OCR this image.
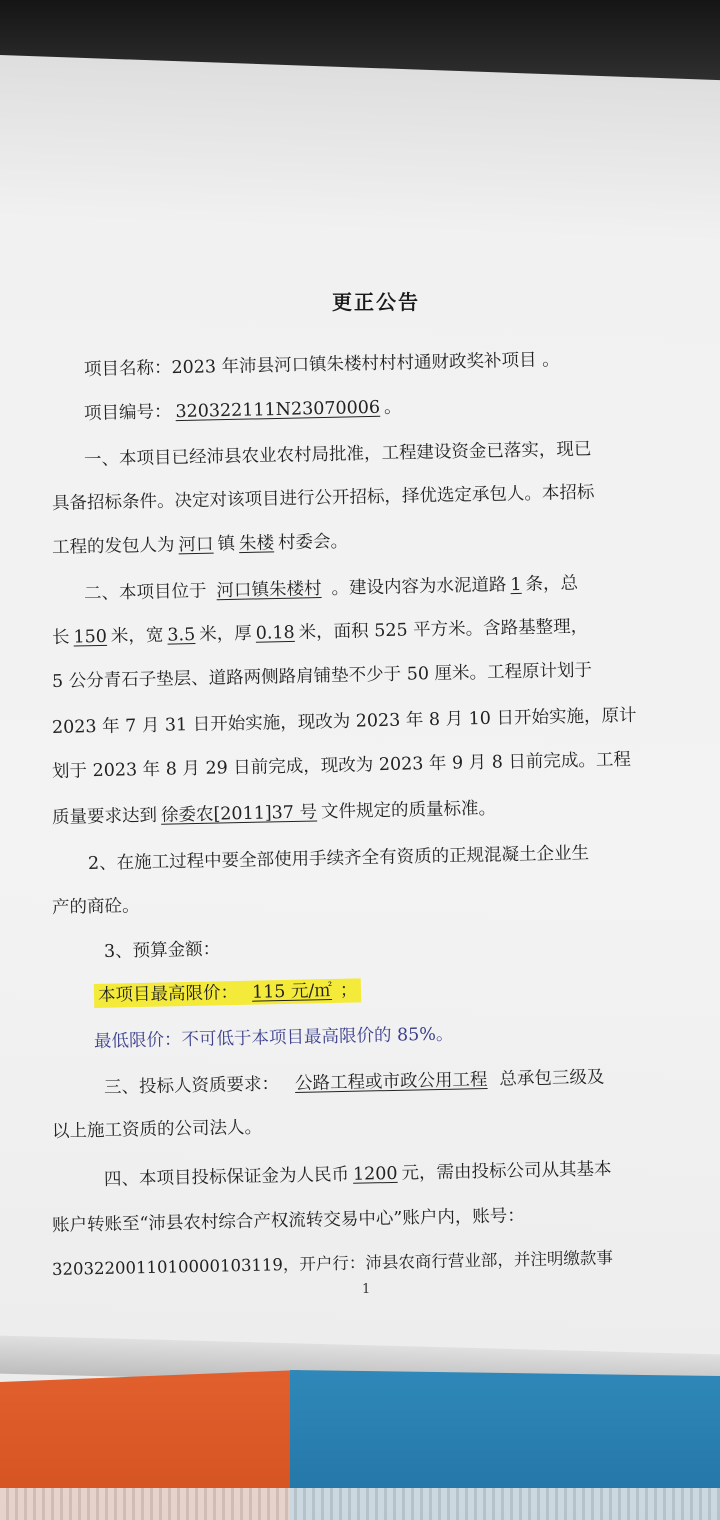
更正公告
项目名称：2023 年沛县河口镇朱楼村村村通财政奖补项目 。
项目编号： 320322111N23070006 。
一、本项目已经沛县农业农村局批准，工程建设资金已落实，现已
具备招标条件。决定对该项目进行公开招标，择优选定承包人。本招标
工程的发包人为 河口 镇 朱楼 村委会。
二、本项目位于 河口镇朱楼村 。建设内容为水泥道路 1 条，总
长 150 米，宽 3.5 米，厚 0.18 米，面积 525 平方米。含路基整理，
5 公分青石子垫层、道路两侧路肩铺垫不少于 50 厘米。工程原计划于
2023 年 7 月 31 日开始实施，现改为 2023 年 8 月 10 日开始实施，原计
划于 2023 年 8 月 29 日前完成，现改为 2023 年 9 月 8 日前完成。工程
质量要求达到 徐委农[2011]37 号 文件规定的质量标准。
2、在施工过程中要全部使用手续齐全有资质的正规混凝土企业生
产的商砼。
3、预算金额：
本项目最高限价： 115 元/㎡ ；
最低限价：不可低于本项目最高限价的 85%。
三、投标人资质要求： 公路工程或市政公用工程 总承包三级及
以上施工资质的公司法人。
四、本项目投标保证金为人民币 1200 元，需由投标公司从其基本
账户转账至“沛县农村综合产权流转交易中心”账户内，账号：
3203220011010000103119，开户行：沛县农商行营业部，并注明缴款事
1
